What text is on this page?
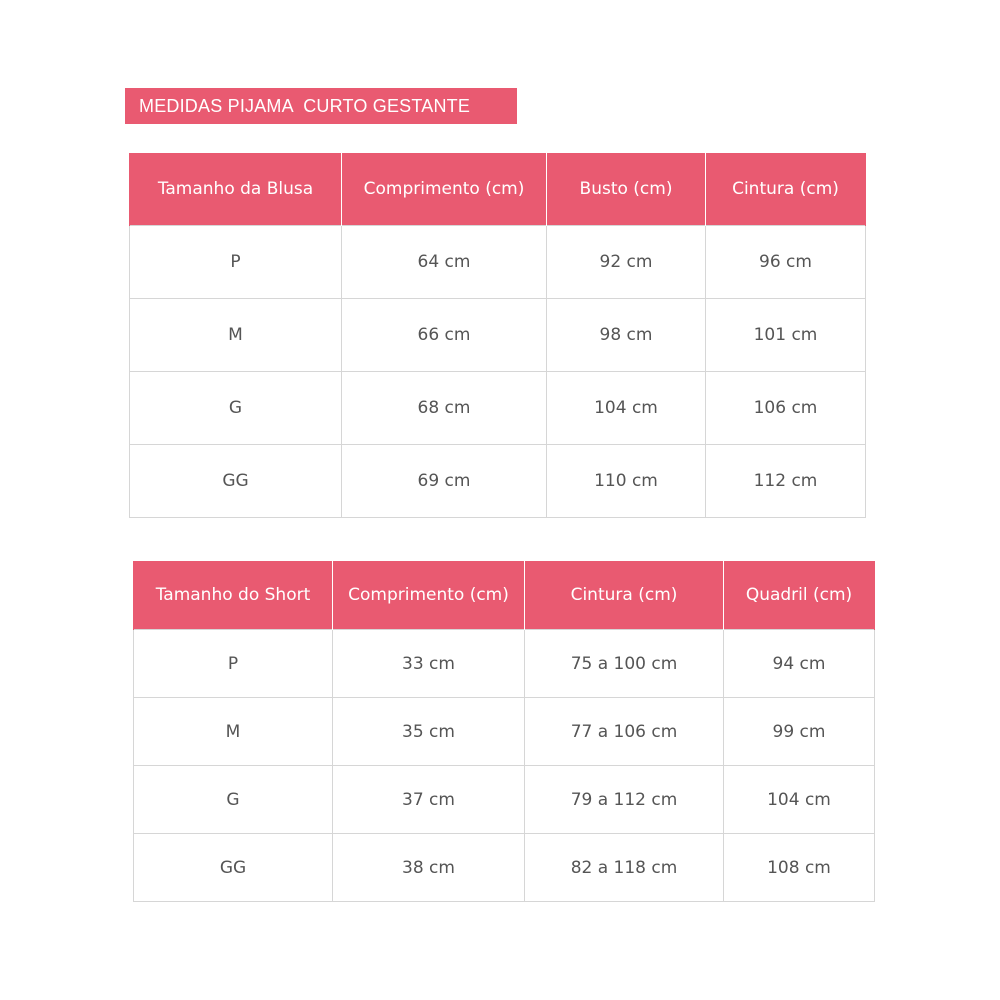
MEDIDAS PIJAMA  CURTO GESTANTE
Tamanho da Blusa	Comprimento (cm)	Busto (cm)	Cintura (cm)
P	64 cm	92 cm	96 cm
M	66 cm	98 cm	101 cm
G	68 cm	104 cm	106 cm
GG	69 cm	110 cm	112 cm
Tamanho do Short	Comprimento (cm)	Cintura (cm)	Quadril (cm)
P	33 cm	75 a 100 cm	94 cm
M	35 cm	77 a 106 cm	99 cm
G	37 cm	79 a 112 cm	104 cm
GG	38 cm	82 a 118 cm	108 cm
